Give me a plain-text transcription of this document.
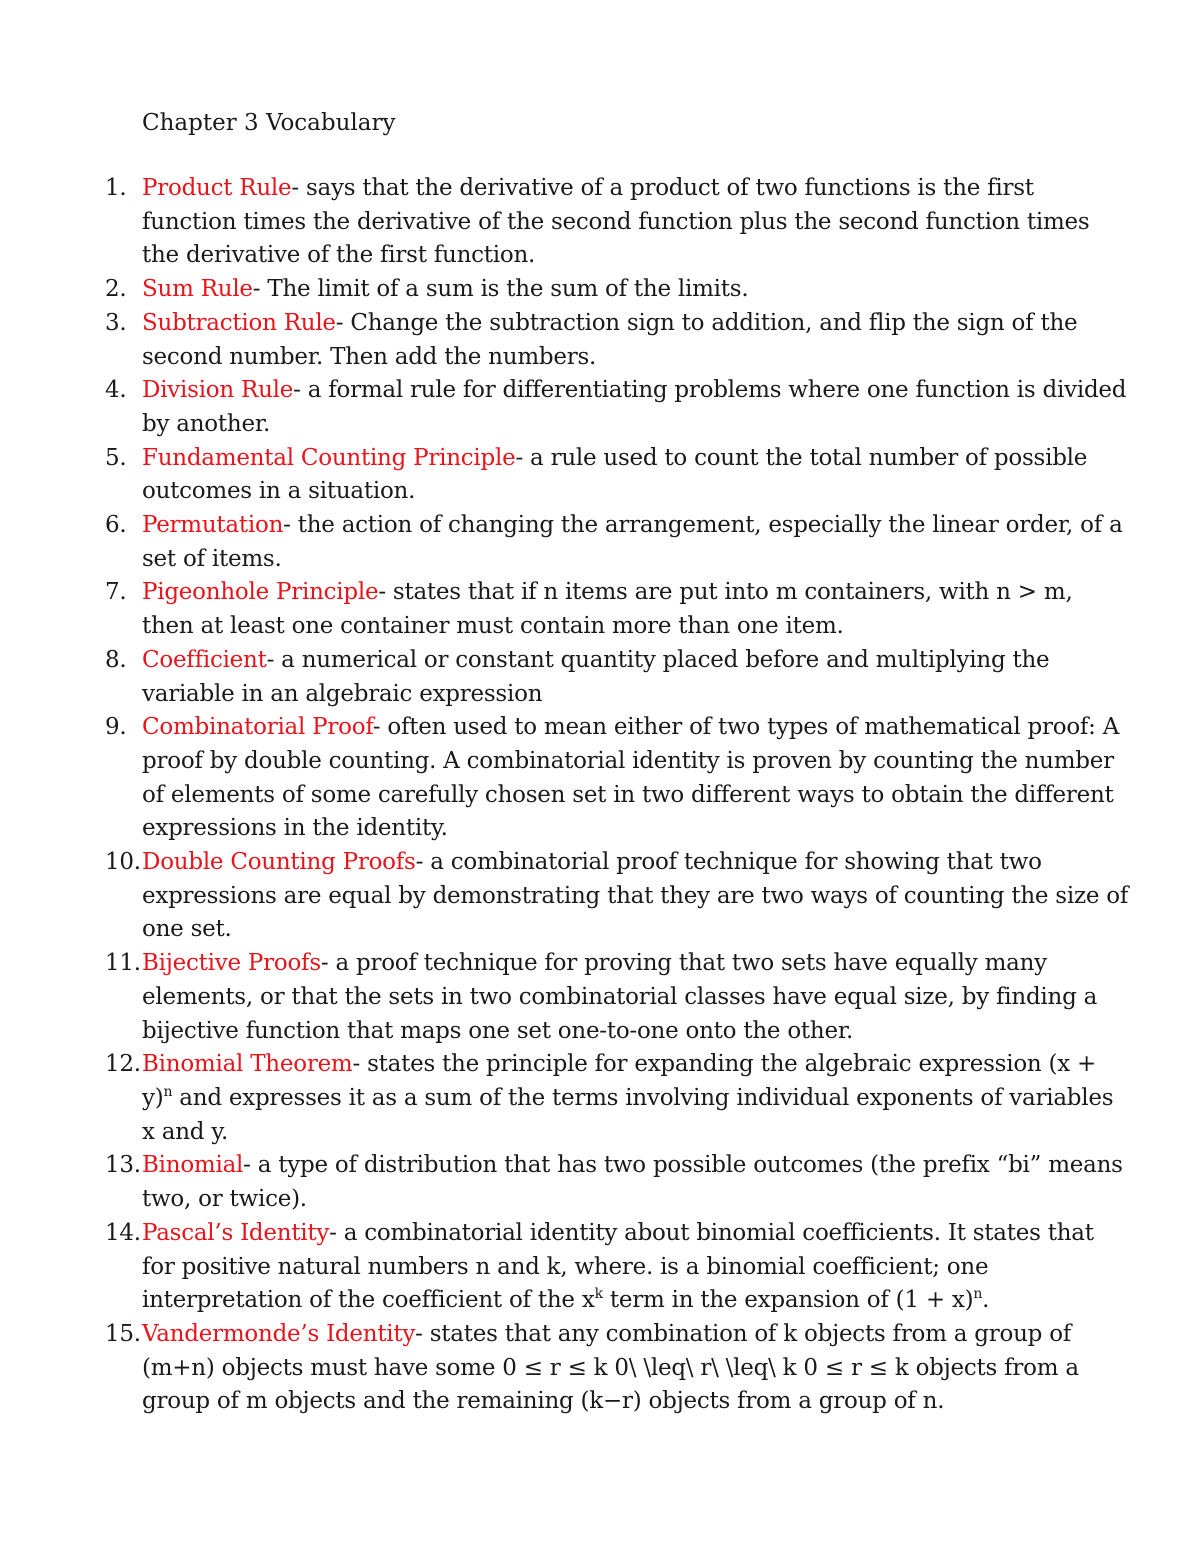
Chapter 3 Vocabulary
1. Product Rule- says that the derivative of a product of two functions is the first function times the derivative of the second function plus the second function times the derivative of the first function.
2. Sum Rule- The limit of a sum is the sum of the limits.
3. Subtraction Rule- Change the subtraction sign to addition, and flip the sign of the second number. Then add the numbers.
4. Division Rule- a formal rule for differentiating problems where one function is divided by another.
5. Fundamental Counting Principle- a rule used to count the total number of possible outcomes in a situation.
6. Permutation- the action of changing the arrangement, especially the linear order, of a set of items.
7. Pigeonhole Principle- states that if n items are put into m containers, with n > m, then at least one container must contain more than one item.
8. Coefficient- a numerical or constant quantity placed before and multiplying the variable in an algebraic expression
9. Combinatorial Proof- often used to mean either of two types of mathematical proof: A proof by double counting. A combinatorial identity is proven by counting the number of elements of some carefully chosen set in two different ways to obtain the different expressions in the identity.
10. Double Counting Proofs- a combinatorial proof technique for showing that two expressions are equal by demonstrating that they are two ways of counting the size of one set.
11. Bijective Proofs- a proof technique for proving that two sets have equally many elements, or that the sets in two combinatorial classes have equal size, by finding a bijective function that maps one set one-to-one onto the other.
12. Binomial Theorem- states the principle for expanding the algebraic expression $(x + y)^n$ and expresses it as a sum of the terms involving individual exponents of variables x and y.
13. Binomial- a type of distribution that has two possible outcomes (the prefix “bi” means two, or twice).
14. Pascal’s Identity- a combinatorial identity about binomial coefficients. It states that for positive natural numbers n and k, where. is a binomial coefficient; one interpretation of the coefficient of the $x^k$ term in the expansion of $(1 + x)^n$.
15. Vandermonde’s Identity- states that any combination of k objects from a group of (m+n) objects must have some 0 ≤ r ≤ k 0\ \leq\ r\ \leq\ k 0 ≤ r ≤ k objects from a group of m objects and the remaining (k−r) objects from a group of n.
